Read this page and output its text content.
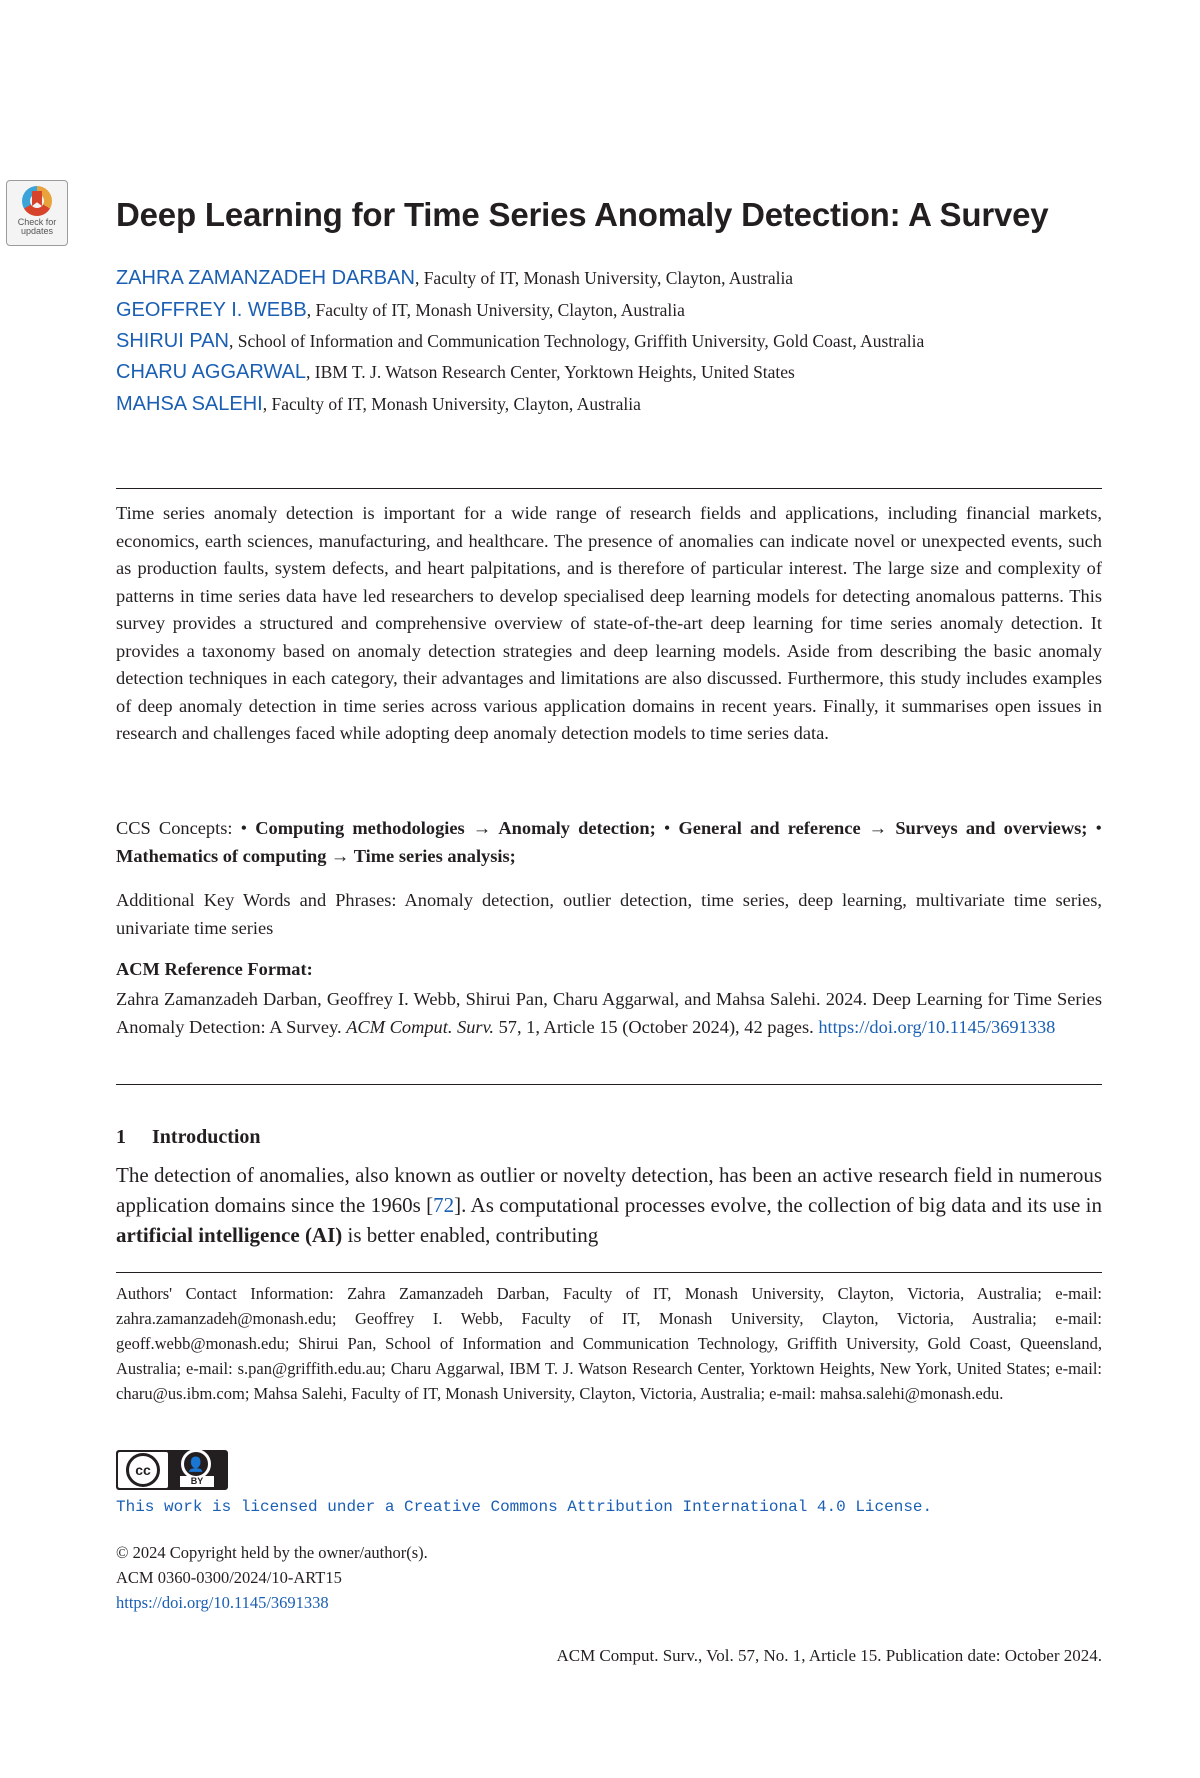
Check for updates	Deep Learning for Time Series Anomaly Detection: A Survey
ZAHRA ZAMANZADEH DARBAN, Faculty of IT, Monash University, Clayton, Australia
GEOFFREY I. WEBB, Faculty of IT, Monash University, Clayton, Australia
SHIRUI PAN, School of Information and Communication Technology, Griffith University, Gold Coast, Australia
CHARU AGGARWAL, IBM T. J. Watson Research Center, Yorktown Heights, United States
MAHSA SALEHI, Faculty of IT, Monash University, Clayton, Australia

Time series anomaly detection is important for a wide range of research fields and applications, including financial markets, economics, earth sciences, manufacturing, and healthcare. The presence of anomalies can indicate novel or unexpected events, such as production faults, system defects, and heart palpitations, and is therefore of particular interest. The large size and complexity of patterns in time series data have led researchers to develop specialised deep learning models for detecting anomalous patterns. This survey provides a structured and comprehensive overview of state-of-the-art deep learning for time series anomaly detection. It provides a taxonomy based on anomaly detection strategies and deep learning models. Aside from describing the basic anomaly detection techniques in each category, their advantages and limitations are also discussed. Furthermore, this study includes examples of deep anomaly detection in time series across various application domains in recent years. Finally, it summarises open issues in research and challenges faced while adopting deep anomaly detection models to time series data.

CCS Concepts: • Computing methodologies → Anomaly detection; • General and reference → Surveys and overviews; • Mathematics of computing → Time series analysis;

Additional Key Words and Phrases: Anomaly detection, outlier detection, time series, deep learning, multivariate time series, univariate time series

ACM Reference Format:

Zahra Zamanzadeh Darban, Geoffrey I. Webb, Shirui Pan, Charu Aggarwal, and Mahsa Salehi. 2024. Deep Learning for Time Series Anomaly Detection: A Survey. ACM Comput. Surv. 57, 1, Article 15 (October 2024), 42 pages. https://doi.org/10.1145/3691338

1 Introduction

The detection of anomalies, also known as outlier or novelty detection, has been an active research field in numerous application domains since the 1960s [72]. As computational processes evolve, the collection of big data and its use in artificial intelligence (AI) is better enabled, contributing

Authors' Contact Information: Zahra Zamanzadeh Darban, Faculty of IT, Monash University, Clayton, Victoria, Australia; e-mail: zahra.zamanzadeh@monash.edu; Geoffrey I. Webb, Faculty of IT, Monash University, Clayton, Victoria, Australia; e-mail: geoff.webb@monash.edu; Shirui Pan, School of Information and Communication Technology, Griffith University, Gold Coast, Queensland, Australia; e-mail: s.pan@griffith.edu.au; Charu Aggarwal, IBM T. J. Watson Research Center, Yorktown Heights, New York, United States; e-mail: charu@us.ibm.com; Mahsa Salehi, Faculty of IT, Monash University, Clayton, Victoria, Australia; e-mail: mahsa.salehi@monash.edu.

cc	👤
BY
This work is licensed under a Creative Commons Attribution International 4.0 License.
© 2024 Copyright held by the owner/author(s).
ACM 0360-0300/2024/10-ART15
https://doi.org/10.1145/3691338
ACM Comput. Surv., Vol. 57, No. 1, Article 15. Publication date: October 2024.
